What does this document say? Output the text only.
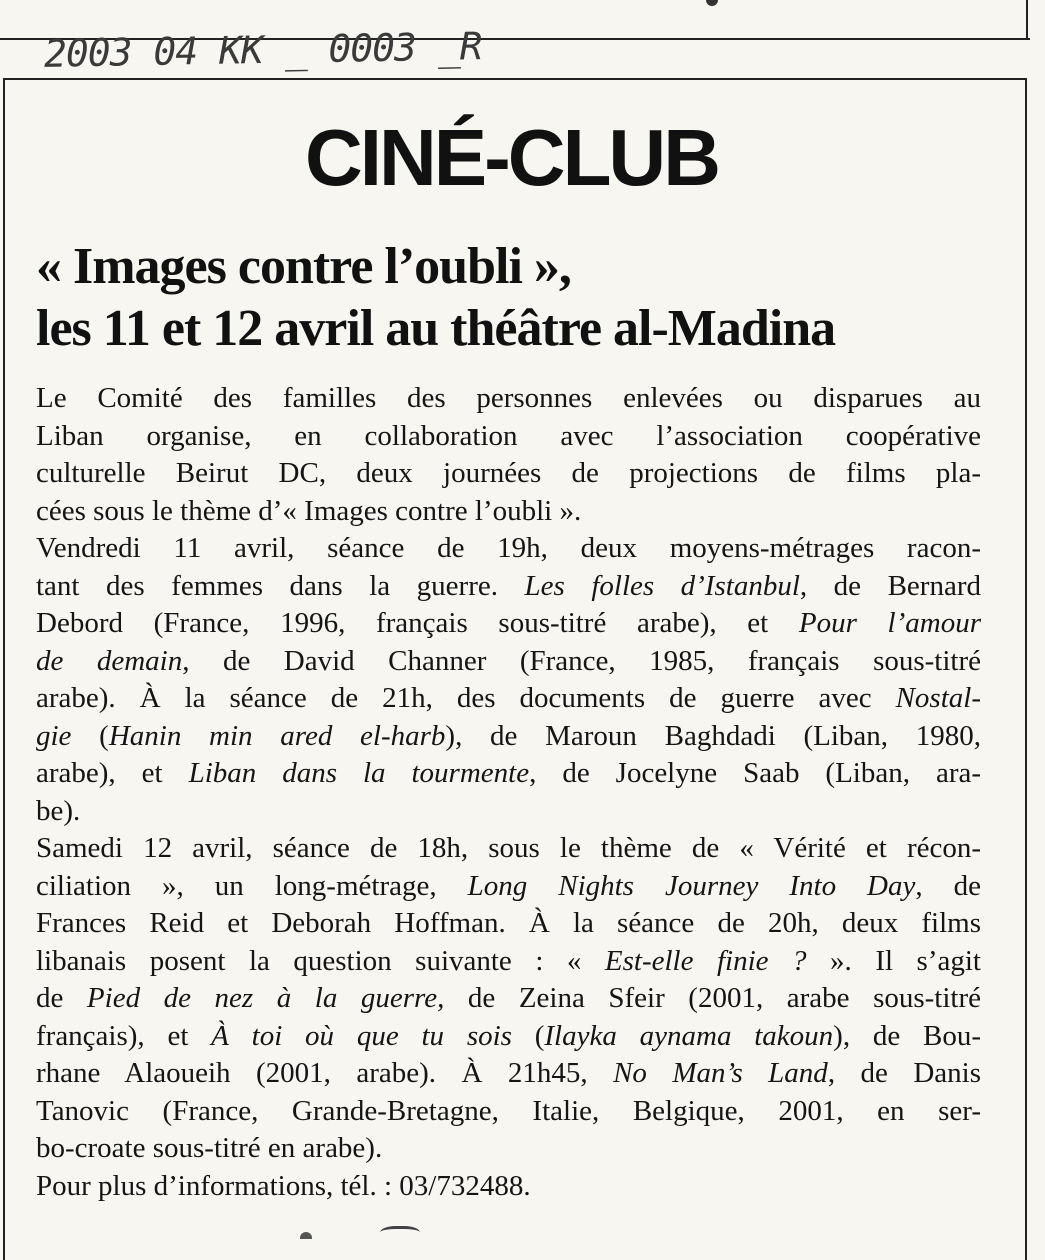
2003 04 KK _ 0003 _R
CINÉ-CLUB
« Images contre l’oubli »,
les 11 et 12 avril au théâtre al-Madina
Le Comité des familles des personnes enlevées ou disparues au
Liban organise, en collaboration avec l’association coopérative
culturelle Beirut DC, deux journées de projections de films pla-
cées sous le thème d’« Images contre l’oubli ».
Vendredi 11 avril, séance de 19h, deux moyens-métrages racon-
tant des femmes dans la guerre. Les folles d’Istanbul, de Bernard
Debord (France, 1996, français sous-titré arabe), et Pour l’amour
de demain, de David Channer (France, 1985, français sous-titré
arabe). À la séance de 21h, des documents de guerre avec Nostal-
gie (Hanin min ared el-harb), de Maroun Baghdadi (Liban, 1980,
arabe), et Liban dans la tourmente, de Jocelyne Saab (Liban, ara-
be).
Samedi 12 avril, séance de 18h, sous le thème de « Vérité et récon-
ciliation », un long-métrage, Long Nights Journey Into Day, de
Frances Reid et Deborah Hoffman. À la séance de 20h, deux films
libanais posent la question suivante : « Est-elle finie ? ». Il s’agit
de Pied de nez à la guerre, de Zeina Sfeir (2001, arabe sous-titré
français), et À toi où que tu sois (Ilayka aynama takoun), de Bou-
rhane Alaoueih (2001, arabe). À 21h45, No Man’s Land, de Danis
Tanovic (France, Grande-Bretagne, Italie, Belgique, 2001, en ser-
bo-croate sous-titré en arabe).
Pour plus d’informations, tél. : 03/732488.
